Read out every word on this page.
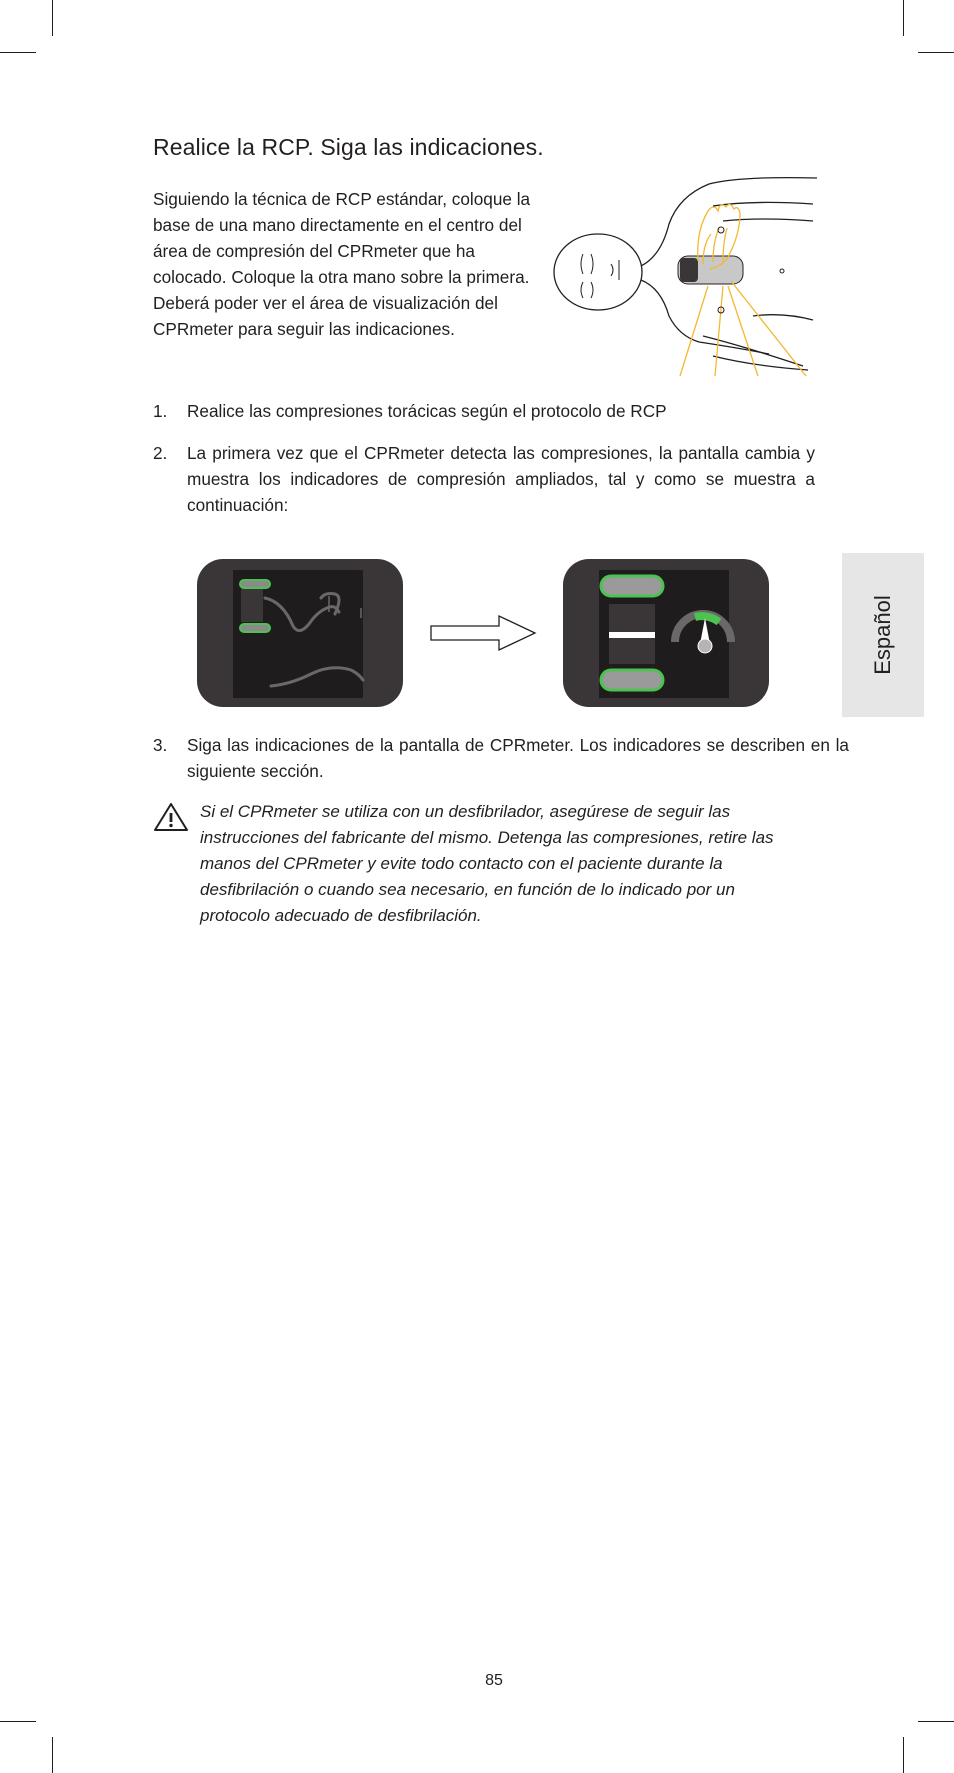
Realice la RCP. Siga las indicaciones.

Siguiendo la técnica de RCP estándar, coloque la base de una mano directamente en el centro del área de compresión del CPRmeter que ha colocado. Coloque la otra mano sobre la primera. Deberá poder ver el área de visualización del CPRmeter para seguir las indicaciones.

1. Realice las compresiones torácicas según el protocolo de RCP
2. La primera vez que el CPRmeter detecta las compresiones, la pantalla cambia y muestra los indicadores de compresión ampliados, tal y como se muestra a continuación:
3. Siga las indicaciones de la pantalla de CPRmeter. Los indicadores se describen en la siguiente sección.

Si el CPRmeter se utiliza con un desfibrilador, asegúrese de seguir las instrucciones del fabricante del mismo. Detenga las compresiones, retire las manos del CPRmeter y evite todo contacto con el paciente durante la desfibrilación o cuando sea necesario, en función de lo indicado por un protocolo adecuado de desfibrilación.

Español
85
